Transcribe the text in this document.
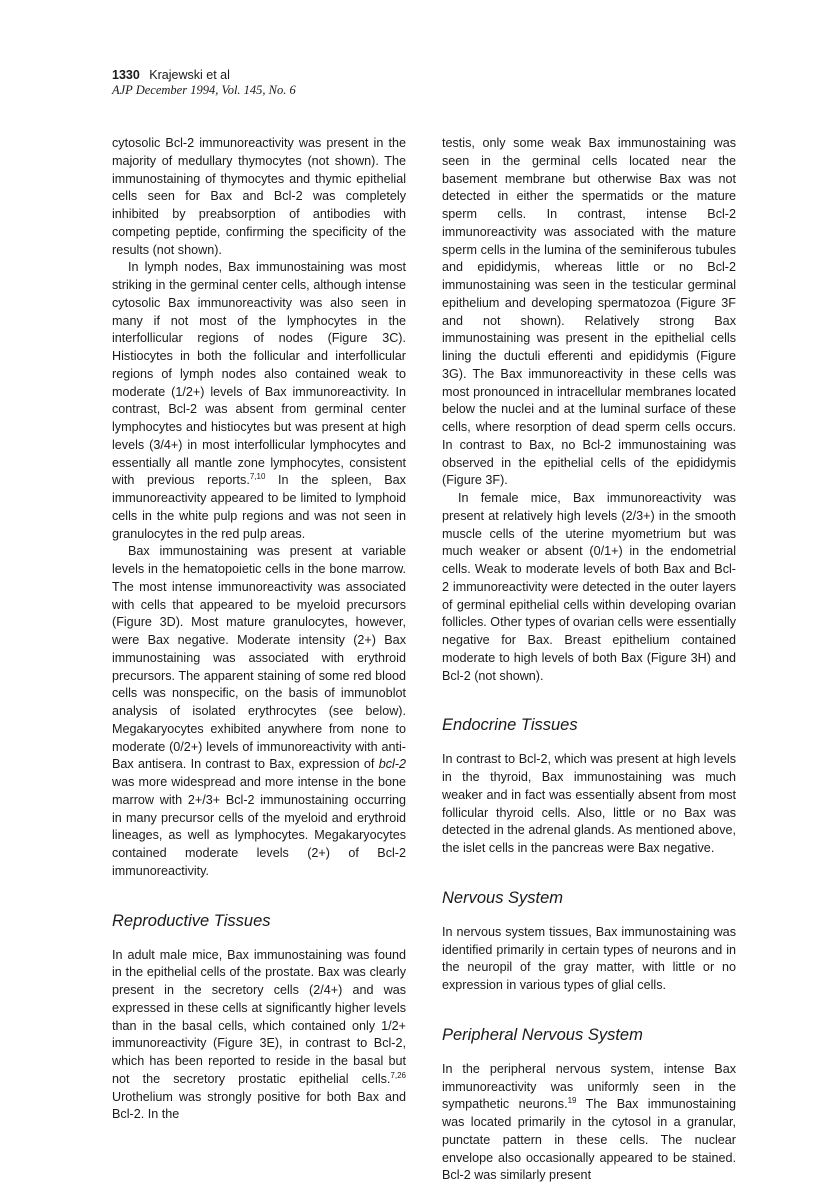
1330 Krajewski et al
AJP December 1994, Vol. 145, No. 6

cytosolic Bcl-2 immunoreactivity was present in the majority of medullary thymocytes (not shown). The immunostaining of thymocytes and thymic epithelial cells seen for Bax and Bcl-2 was completely inhibited by preabsorption of antibodies with competing peptide, confirming the specificity of the results (not shown).

In lymph nodes, Bax immunostaining was most striking in the germinal center cells, although intense cytosolic Bax immunoreactivity was also seen in many if not most of the lymphocytes in the interfollicular regions of nodes (Figure 3C). Histiocytes in both the follicular and interfollicular regions of lymph nodes also contained weak to moderate (1/2+) levels of Bax immunoreactivity. In contrast, Bcl-2 was absent from germinal center lymphocytes and histiocytes but was present at high levels (3/4+) in most interfollicular lymphocytes and essentially all mantle zone lymphocytes, consistent with previous reports.$^{7,10}$ In the spleen, Bax immunoreactivity appeared to be limited to lymphoid cells in the white pulp regions and was not seen in granulocytes in the red pulp areas.

Bax immunostaining was present at variable levels in the hematopoietic cells in the bone marrow. The most intense immunoreactivity was associated with cells that appeared to be myeloid precursors (Figure 3D). Most mature granulocytes, however, were Bax negative. Moderate intensity (2+) Bax immunostaining was associated with erythroid precursors. The apparent staining of some red blood cells was nonspecific, on the basis of immunoblot analysis of isolated erythrocytes (see below). Megakaryocytes exhibited anywhere from none to moderate (0/2+) levels of immunoreactivity with anti-Bax antisera. In contrast to Bax, expression of bcl-2 was more widespread and more intense in the bone marrow with 2+/3+ Bcl-2 immunostaining occurring in many precursor cells of the myeloid and erythroid lineages, as well as lymphocytes. Megakaryocytes contained moderate levels (2+) of Bcl-2 immunoreactivity.

Reproductive Tissues

In adult male mice, Bax immunostaining was found in the epithelial cells of the prostate. Bax was clearly present in the secretory cells (2/4+) and was expressed in these cells at significantly higher levels than in the basal cells, which contained only 1/2+ immunoreactivity (Figure 3E), in contrast to Bcl-2, which has been reported to reside in the basal but not the secretory prostatic epithelial cells.$^{7,26}$ Urothelium was strongly positive for both Bax and Bcl-2. In the

testis, only some weak Bax immunostaining was seen in the germinal cells located near the basement membrane but otherwise Bax was not detected in either the spermatids or the mature sperm cells. In contrast, intense Bcl-2 immunoreactivity was associated with the mature sperm cells in the lumina of the seminiferous tubules and epididymis, whereas little or no Bcl-2 immunostaining was seen in the testicular germinal epithelium and developing spermatozoa (Figure 3F and not shown). Relatively strong Bax immunostaining was present in the epithelial cells lining the ductuli efferenti and epididymis (Figure 3G). The Bax immunoreactivity in these cells was most pronounced in intracellular membranes located below the nuclei and at the luminal surface of these cells, where resorption of dead sperm cells occurs. In contrast to Bax, no Bcl-2 immunostaining was observed in the epithelial cells of the epididymis (Figure 3F).

In female mice, Bax immunoreactivity was present at relatively high levels (2/3+) in the smooth muscle cells of the uterine myometrium but was much weaker or absent (0/1+) in the endometrial cells. Weak to moderate levels of both Bax and Bcl-2 immunoreactivity were detected in the outer layers of germinal epithelial cells within developing ovarian follicles. Other types of ovarian cells were essentially negative for Bax. Breast epithelium contained moderate to high levels of both Bax (Figure 3H) and Bcl-2 (not shown).

Endocrine Tissues

In contrast to Bcl-2, which was present at high levels in the thyroid, Bax immunostaining was much weaker and in fact was essentially absent from most follicular thyroid cells. Also, little or no Bax was detected in the adrenal glands. As mentioned above, the islet cells in the pancreas were Bax negative.

Nervous System

In nervous system tissues, Bax immunostaining was identified primarily in certain types of neurons and in the neuropil of the gray matter, with little or no expression in various types of glial cells.

Peripheral Nervous System

In the peripheral nervous system, intense Bax immunoreactivity was uniformly seen in the sympathetic neurons.$^{19}$ The Bax immunostaining was located primarily in the cytosol in a granular, punctate pattern in these cells. The nuclear envelope also occasionally appeared to be stained. Bcl-2 was similarly present
